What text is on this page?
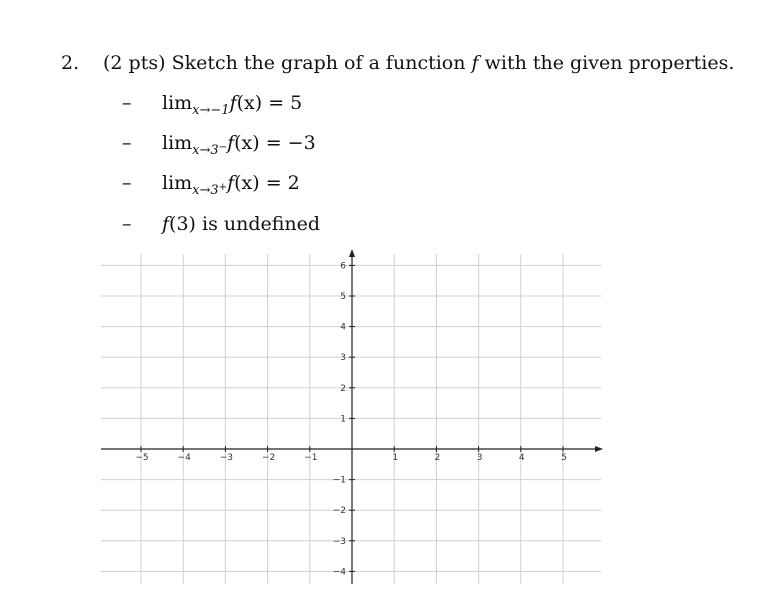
2. (2 pts) Sketch the graph of a function f with the given properties.
– $\lim_{x\to-1}f(x) = 5$
– $\lim_{x\to 3^-}f(x) = -3$
– $\lim_{x\to 3^+}f(x) = 2$
– f(3) is undefined
−5	−4	−3	−2	−1	1	2	3	4	5
6
5
4
3
2
1
−1
−2
−3
−4
